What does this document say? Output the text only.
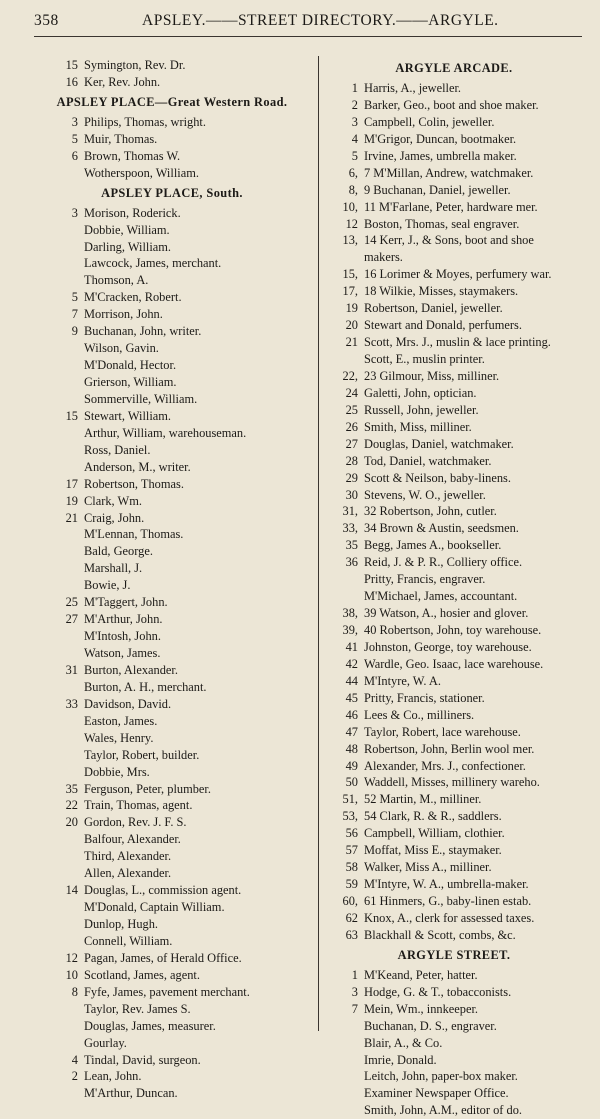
358	APSLEY.——STREET DIRECTORY.——ARGYLE.
15 Symington, Rev. Dr.
16 Ker, Rev. John.
APSLEY PLACE—Great Western Road.
3 Philips, Thomas, wright.
5 Muir, Thomas.
6 Brown, Thomas W.
Wotherspoon, William.
APSLEY PLACE, South.
3 Morison, Roderick.
Dobbie, William.
Darling, William.
Lawcock, James, merchant.
Thomson, A.
5 M'Cracken, Robert.
7 Morrison, John.
9 Buchanan, John, writer.
Wilson, Gavin.
M'Donald, Hector.
Grierson, William.
Sommerville, William.
15 Stewart, William.
Arthur, William, warehouseman.
Ross, Daniel.
Anderson, M., writer.
17 Robertson, Thomas.
19 Clark, Wm.
21 Craig, John.
M'Lennan, Thomas.
Bald, George.
Marshall, J.
Bowie, J.
25 M'Taggert, John.
27 M'Arthur, John.
M'Intosh, John.
Watson, James.
31 Burton, Alexander.
Burton, A. H., merchant.
33 Davidson, David.
Easton, James.
Wales, Henry.
Taylor, Robert, builder.
Dobbie, Mrs.
35 Ferguson, Peter, plumber.
22 Train, Thomas, agent.
20 Gordon, Rev. J. F. S.
Balfour, Alexander.
Third, Alexander.
Allen, Alexander.
14 Douglas, L., commission agent.
M'Donald, Captain William.
Dunlop, Hugh.
Connell, William.
12 Pagan, James, of Herald Office.
10 Scotland, James, agent.
8 Fyfe, James, pavement merchant.
Taylor, Rev. James S.
Douglas, James, measurer.
Gourlay.
4 Tindal, David, surgeon.
2 Lean, John.
M'Arthur, Duncan.
ARGYLE ARCADE.
1 Harris, A., jeweller.
2 Barker, Geo., boot and shoe maker.
3 Campbell, Colin, jeweller.
4 M'Grigor, Duncan, bootmaker.
5 Irvine, James, umbrella maker.
6, 7 M'Millan, Andrew, watchmaker.
8, 9 Buchanan, Daniel, jeweller.
10, 11 M'Farlane, Peter, hardware mer.
12 Boston, Thomas, seal engraver.
13, 14 Kerr, J., & Sons, boot and shoe
makers.
15, 16 Lorimer & Moyes, perfumery war.
17, 18 Wilkie, Misses, staymakers.
19 Robertson, Daniel, jeweller.
20 Stewart and Donald, perfumers.
21 Scott, Mrs. J., muslin & lace printing.
Scott, E., muslin printer.
22, 23 Gilmour, Miss, milliner.
24 Galetti, John, optician.
25 Russell, John, jeweller.
26 Smith, Miss, milliner.
27 Douglas, Daniel, watchmaker.
28 Tod, Daniel, watchmaker.
29 Scott & Neilson, baby-linens.
30 Stevens, W. O., jeweller.
31, 32 Robertson, John, cutler.
33, 34 Brown & Austin, seedsmen.
35 Begg, James A., bookseller.
36 Reid, J. & P. R., Colliery office.
Pritty, Francis, engraver.
M'Michael, James, accountant.
38, 39 Watson, A., hosier and glover.
39, 40 Robertson, John, toy warehouse.
41 Johnston, George, toy warehouse.
42 Wardle, Geo. Isaac, lace warehouse.
44 M'Intyre, W. A.
45 Pritty, Francis, stationer.
46 Lees & Co., milliners.
47 Taylor, Robert, lace warehouse.
48 Robertson, John, Berlin wool mer.
49 Alexander, Mrs. J., confectioner.
50 Waddell, Misses, millinery wareho.
51, 52 Martin, M., milliner.
53, 54 Clark, R. & R., saddlers.
56 Campbell, William, clothier.
57 Moffat, Miss E., staymaker.
58 Walker, Miss A., milliner.
59 M'Intyre, W. A., umbrella-maker.
60, 61 Hinmers, G., baby-linen estab.
62 Knox, A., clerk for assessed taxes.
63 Blackhall & Scott, combs, &c.
ARGYLE STREET.
1 M'Keand, Peter, hatter.
3 Hodge, G. & T., tobacconists.
7 Mein, Wm., innkeeper.
Buchanan, D. S., engraver.
Blair, A., & Co.
Imrie, Donald.
Leitch, John, paper-box maker.
Examiner Newspaper Office.
Smith, John, A.M., editor of do.
